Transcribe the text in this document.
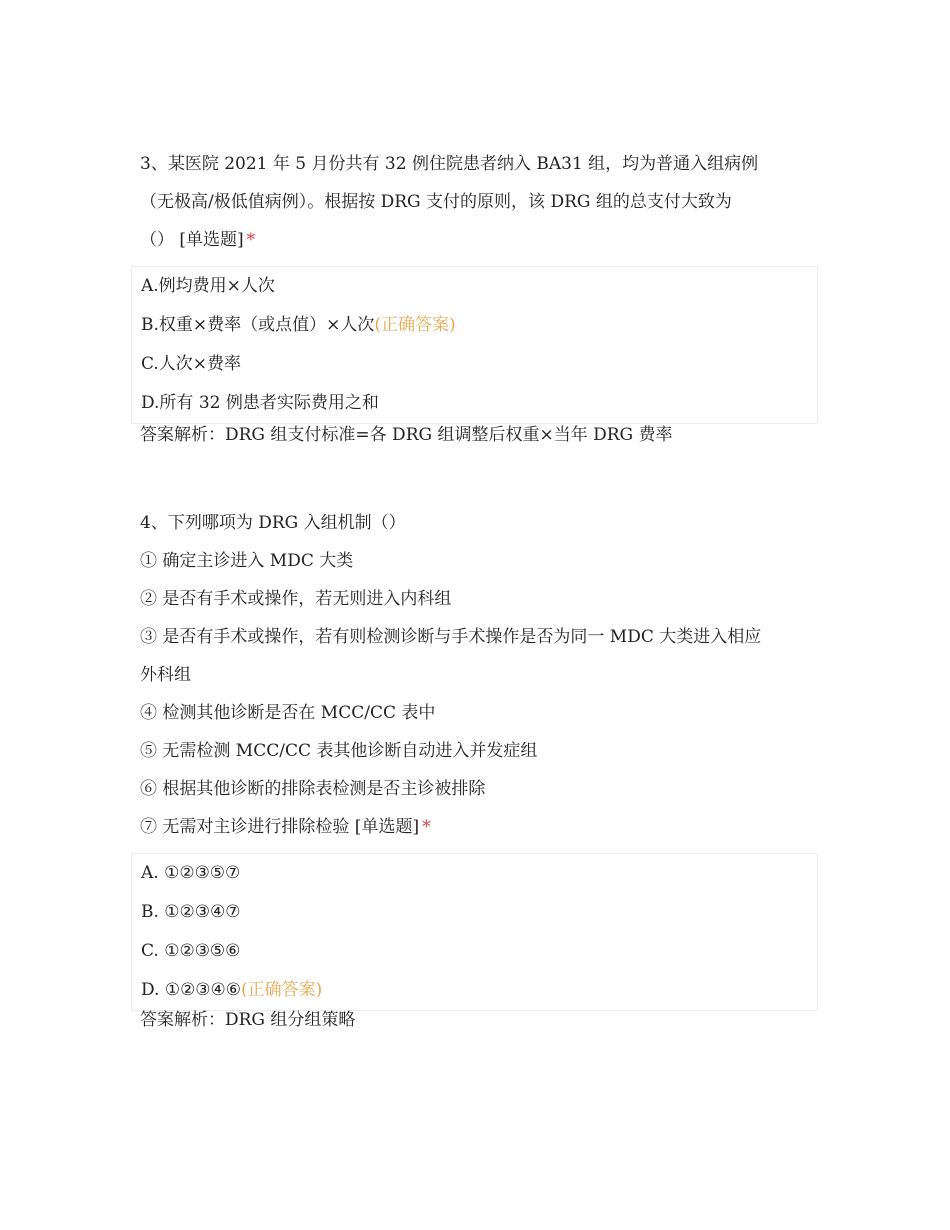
3、某医院 2021 年 5 月份共有 32 例住院患者纳入 BA31 组，均为普通入组病例

（无极高/极低值病例）。根据按 DRG 支付的原则，该 DRG 组的总支付大致为

（） [单选题] *

A.例均费用×人次
B.权重×费率（或点值）×人次(正确答案)
C.人次×费率
D.所有 32 例患者实际费用之和
答案解析：DRG 组支付标准=各 DRG 组调整后权重×当年 DRG 费率

4、下列哪项为 DRG 入组机制（）

① 确定主诊进入 MDC 大类

② 是否有手术或操作，若无则进入内科组

③ 是否有手术或操作，若有则检测诊断与手术操作是否为同一 MDC 大类进入相应

外科组

④ 检测其他诊断是否在 MCC/CC 表中

⑤ 无需检测 MCC/CC 表其他诊断自动进入并发症组

⑥ 根据其他诊断的排除表检测是否主诊被排除

⑦ 无需对主诊进行排除检验 [单选题] *

A. ①②③⑤⑦
B. ①②③④⑦
C. ①②③⑤⑥
D. ①②③④⑥(正确答案)
答案解析：DRG 组分组策略
